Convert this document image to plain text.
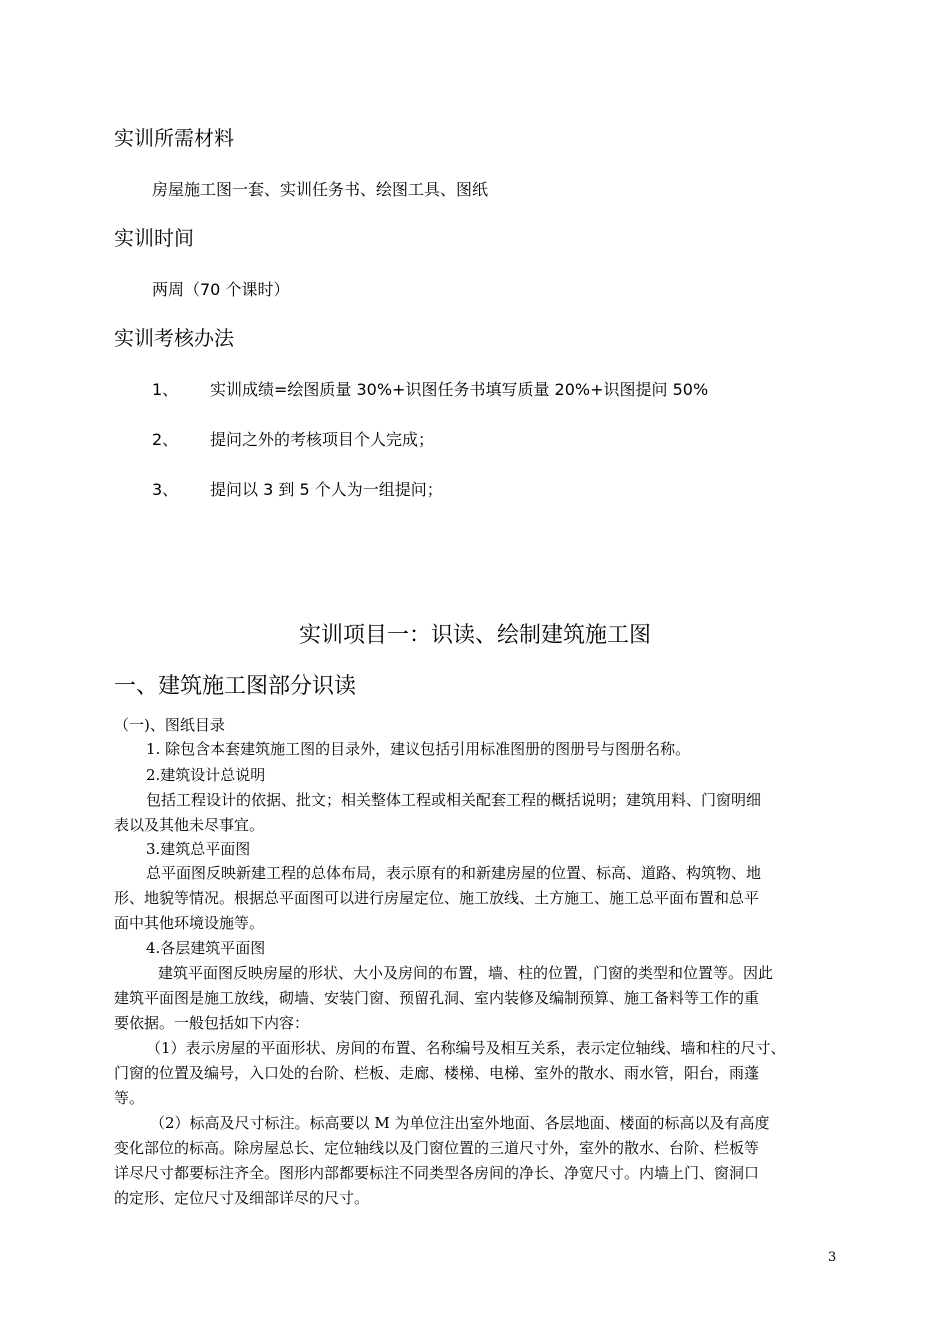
实训所需材料
房屋施工图一套、实训任务书、绘图工具、图纸
实训时间
两周（70 个课时）
实训考核办法
1、 实训成绩=绘图质量 30%+识图任务书填写质量 20%+识图提问 50%
2、 提问之外的考核项目个人完成；
3、 提问以 3 到 5 个人为一组提问；
实训项目一：识读、绘制建筑施工图
一、建筑施工图部分识读
（一)、图纸目录
1. 除包含本套建筑施工图的目录外，建议包括引用标准图册的图册号与图册名称。
2.建筑设计总说明
包括工程设计的依据、批文；相关整体工程或相关配套工程的概括说明；建筑用料、门窗明细
表以及其他未尽事宜。
3.建筑总平面图
总平面图反映新建工程的总体布局，表示原有的和新建房屋的位置、标高、道路、构筑物、地
形、地貌等情况。根据总平面图可以进行房屋定位、施工放线、土方施工、施工总平面布置和总平
面中其他环境设施等。
4.各层建筑平面图
建筑平面图反映房屋的形状、大小及房间的布置，墙、柱的位置，门窗的类型和位置等。因此
建筑平面图是施工放线，砌墙、安装门窗、预留孔洞、室内装修及编制预算、施工备料等工作的重
要依据。一般包括如下内容：
（1）表示房屋的平面形状、房间的布置、名称编号及相互关系，表示定位轴线、墙和柱的尺寸、
门窗的位置及编号，入口处的台阶、栏板、走廊、楼梯、电梯、室外的散水、雨水管，阳台，雨蓬
等。
（2）标高及尺寸标注。标高要以 M 为单位注出室外地面、各层地面、楼面的标高以及有高度
变化部位的标高。除房屋总长、定位轴线以及门窗位置的三道尺寸外，室外的散水、台阶、栏板等
详尽尺寸都要标注齐全。图形内部都要标注不同类型各房间的净长、净宽尺寸。内墙上门、窗洞口
的定形、定位尺寸及细部详尽的尺寸。
3
